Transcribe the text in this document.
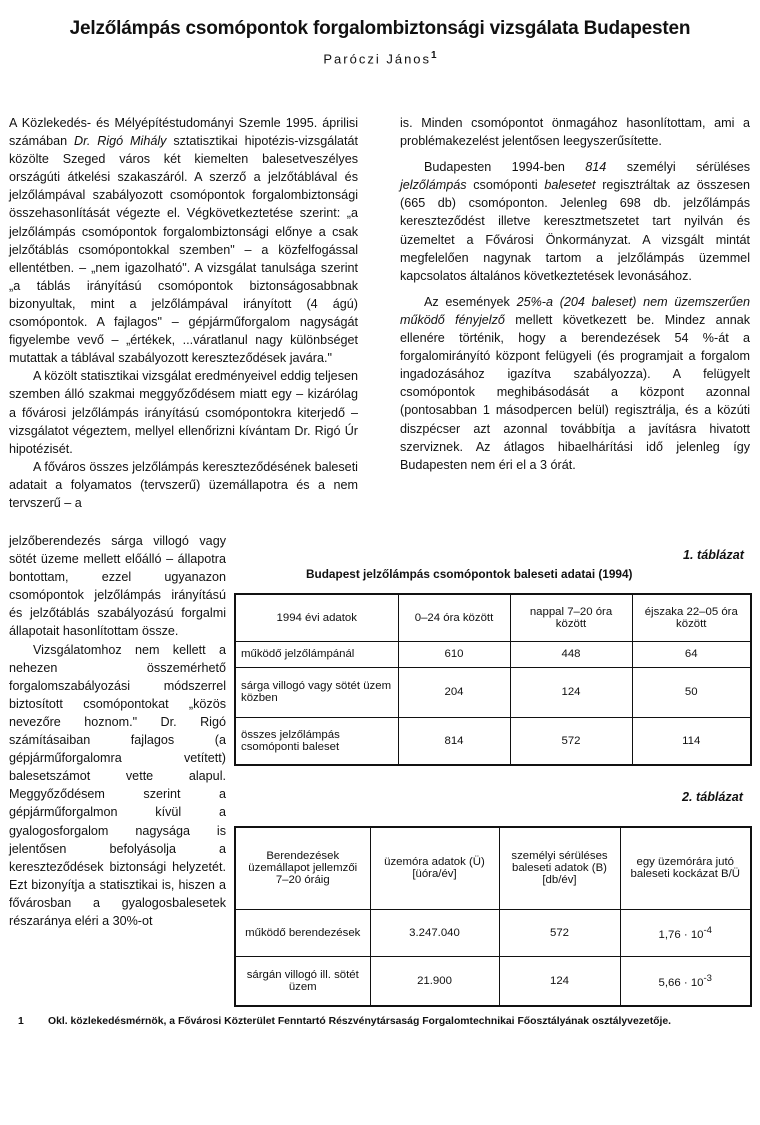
Jelzőlámpás csomópontok forgalombiztonsági vizsgálata Budapesten
Paróczi János$^1$

A Közlekedés- és Mélyépítéstudományi Szemle 1995. áprilisi számában Dr. Rigó Mihály sztatisztikai hipotézis-vizsgálatát közölte Szeged város két kiemelten balesetveszélyes országúti átkelési szakaszáról. A szerző a jelzőtáblával és jelzőlámpával szabályozott csomópontok forgalombiztonsági összehasonlítását végezte el. Végkövetkeztetése szerint: „a jelzőlámpás csomópontok forgalombiztonsági előnye a csak jelzőtáblás csomópontokkal szemben" – a közfelfogással ellentétben. – „nem igazolható". A vizsgálat tanulsága szerint „a táblás irányítású csomópontok biztonságosabbnak bizonyultak, mint a jelzőlámpával irányított (4 ágú) csomópontok. A fajlagos" – gépjárműforgalom nagyságát figyelembe vevő – „értékek, ...váratlanul nagy különbséget mutattak a táblával szabályozott kereszteződések javára."

A közölt statisztikai vizsgálat eredményeivel eddig teljesen szemben álló szakmai meggyőződésem miatt egy – kizárólag a fővárosi jelzőlámpás irányítású csomópontokra kiterjedő – vizsgálatot végeztem, mellyel ellenőrizni kívántam Dr. Rigó Úr hipotézisét.

A főváros összes jelzőlámpás kereszteződésének baleseti adatait a folyamatos (tervszerű) üzemállapotra és a nem tervszerű – a

jelzőberendezés sárga villogó vagy sötét üzeme mellett előálló – állapotra bontottam, ezzel ugyanazon csomópontok jelzőlámpás irányítású és jelzőtáblás szabályozású forgalmi állapotait hasonlítottam össze.

Vizsgálatomhoz nem kellett a nehezen összemérhető forgalomszabályozási módszerrel biztosított csomópontokat „közös nevezőre hoznom." Dr. Rigó számításaiban fajlagos (a gépjárműforgalomra vetített) balesetszámot vette alapul. Meggyőződésem szerint a gépjárműforgalmon kívül a gyalogosforgalom nagysága is jelentősen befolyásolja a kereszteződések biztonsági helyzetét. Ezt bizonyítja a statisztikai is, hiszen a fővárosban a gyalogosbalesetek részaránya eléri a 30%-ot

is. Minden csomópontot önmagához hasonlítottam, ami a problémakezelést jelentősen leegyszerűsítette.

Budapesten 1994-ben 814 személyi sérüléses jelzőlámpás csomóponti balesetet regisztráltak az összesen (665 db) csomóponton. Jelenleg 698 db. jelzőlámpás kereszteződést illetve keresztmetszetet tart nyilván és üzemeltet a Fővárosi Önkormányzat. A vizsgált mintát megfelelően nagynak tartom a jelzőlámpás üzemmel kapcsolatos általános következtetések levonásához.

Az események 25%-a (204 baleset) nem üzemszerűen működő fényjelző mellett következett be. Mindez annak ellenére történik, hogy a berendezések 54 %-át a forgalomirányító központ felügyeli (és programjait a forgalom ingadozásához igazítva szabályozza). A felügyelt csomópontok meghibásodását a központ azonnal (pontosabban 1 másodpercen belül) regisztrálja, és a közúti diszpécser azt azonnal továbbítja a javításra hivatott szerviznek. Az átlagos hibaelhárítási idő jelenleg így Budapesten nem éri el a 3 órát.

1. táblázat
Budapest jelzőlámpás csomópontok baleseti adatai (1994)
1994 évi adatok	0–24 óra között	nappal 7–20 óra között	éjszaka 22–05 óra között
működő jelzőlámpánál	610	448	64
sárga villogó vagy sötét üzem közben	204	124	50
összes jelzőlámpás csomóponti baleset	814	572	114
2. táblázat
Berendezések üzemállapot jellemzői 7–20 óráig	üzemóra adatok (Ü) [üóra/év]	személyi sérüléses baleseti adatok (B) [db/év]	egy üzemórára jutó baleseti kockázat B/Ü
működő berendezések	3.247.040	572	$1,76 \cdot 10^{-4}$
sárgán villogó ill. sötét üzem	21.900	124	$5,66 \cdot 10^{-3}$
1 Okl. közlekedésmérnök, a Fővárosi Közterület Fenntartó Részvénytársaság Forgalomtechnikai Főosztályának osztályvezetője.
